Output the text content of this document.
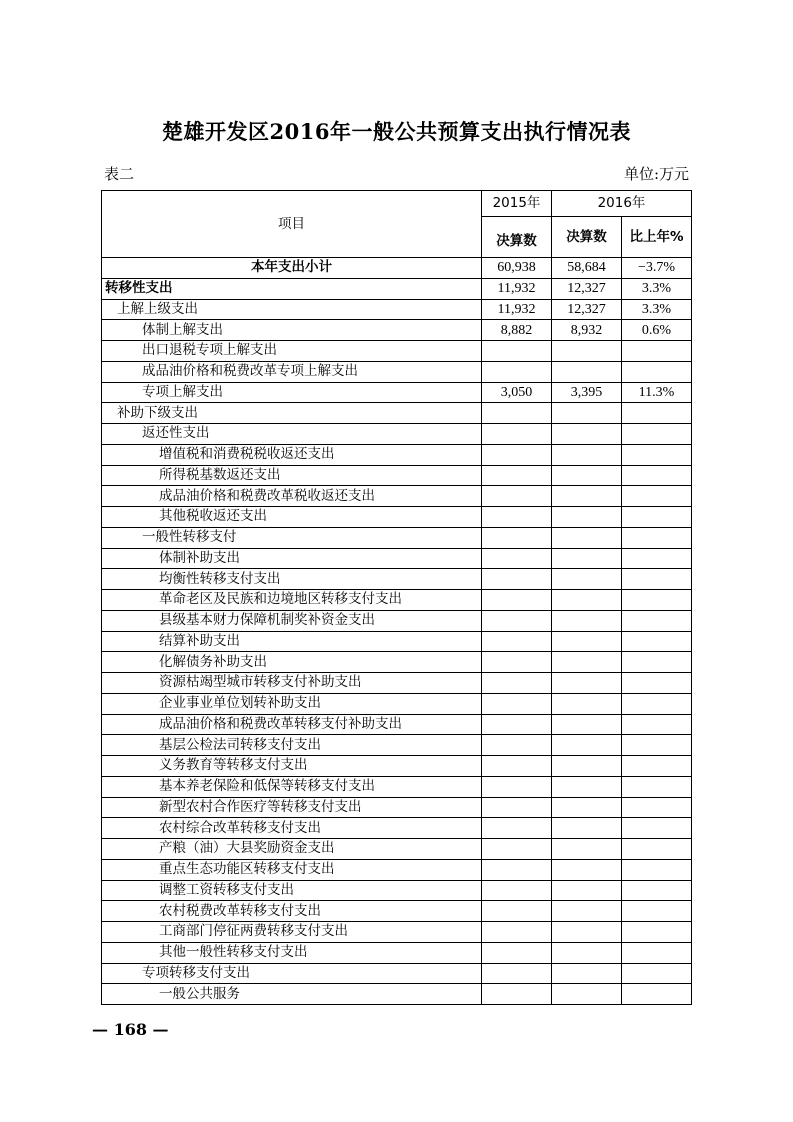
楚雄开发区2016年一般公共预算支出执行情况表
表二	单位:万元
项目	2015年	2016年	
	决算数	决算数	比上年%
本年支出小计	60,938	58,684	−3.7%
转移性支出	11,932	12,327	3.3%
上解上级支出	11,932	12,327	3.3%
体制上解支出	8,882	8,932	0.6%
出口退税专项上解支出			
成品油价格和税费改革专项上解支出			
专项上解支出	3,050	3,395	11.3%
补助下级支出			
返还性支出			
增值税和消费税税收返还支出			
所得税基数返还支出			
成品油价格和税费改革税收返还支出			
其他税收返还支出			
一般性转移支付			
体制补助支出			
均衡性转移支付支出			
革命老区及民族和边境地区转移支付支出			
县级基本财力保障机制奖补资金支出			
结算补助支出			
化解债务补助支出			
资源枯竭型城市转移支付补助支出			
企业事业单位划转补助支出			
成品油价格和税费改革转移支付补助支出			
基层公检法司转移支付支出			
义务教育等转移支付支出			
基本养老保险和低保等转移支付支出			
新型农村合作医疗等转移支付支出			
农村综合改革转移支付支出			
产粮（油）大县奖励资金支出			
重点生态功能区转移支付支出			
调整工资转移支付支出			
农村税费改革转移支付支出			
工商部门停征两费转移支付支出			
其他一般性转移支付支出			
专项转移支付支出			
一般公共服务			
— 168 —
